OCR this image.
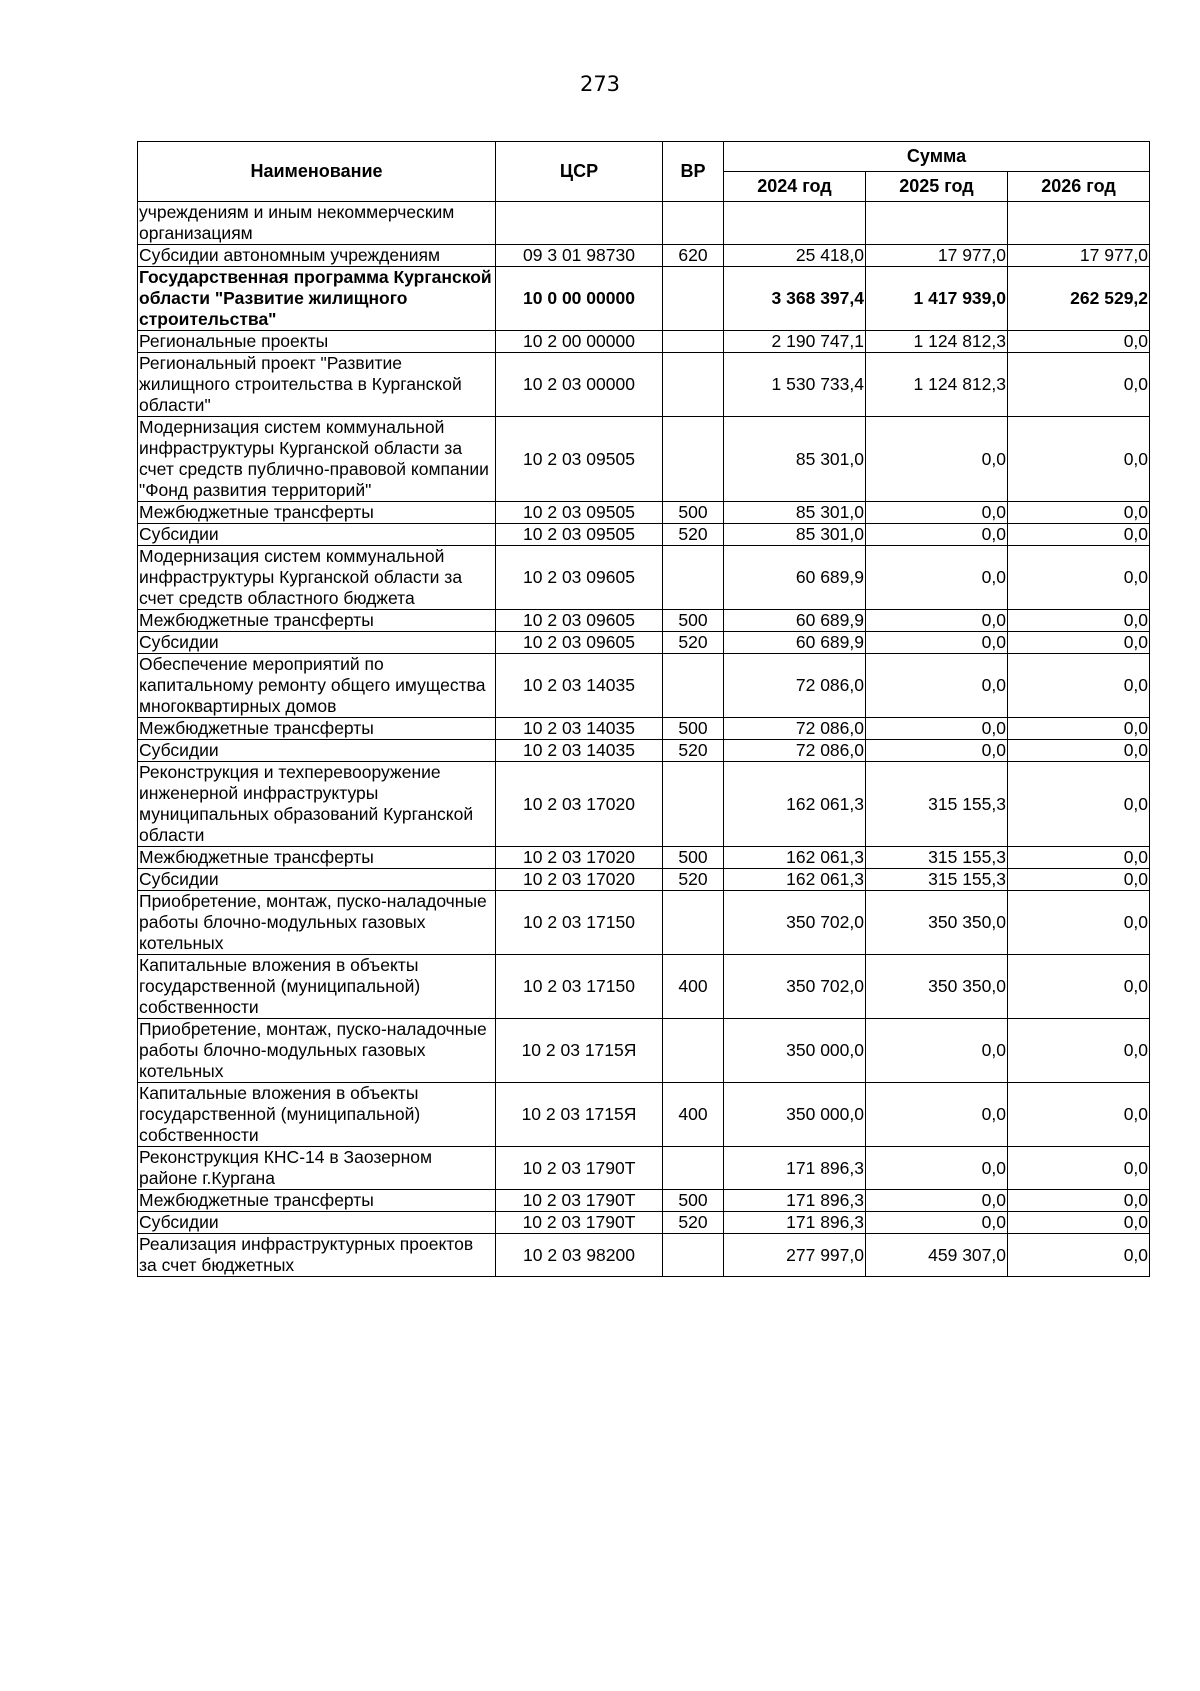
273
Наименование	ЦСР	ВР	Сумма		
			2024 год	2025 год	2026 год
учреждениям и иным некоммерческим организациям					
Субсидии автономным учреждениям	09 3 01 98730	620	25 418,0	17 977,0	17 977,0
Государственная программа Курганской области "Развитие жилищного строительства"	10 0 00 00000		3 368 397,4	1 417 939,0	262 529,2
Региональные проекты	10 2 00 00000		2 190 747,1	1 124 812,3	0,0
Региональный проект "Развитие жилищного строительства в Курганской области"	10 2 03 00000		1 530 733,4	1 124 812,3	0,0
Модернизация систем коммунальной инфраструктуры Курганской области за счет средств публично-правовой компании "Фонд развития территорий"	10 2 03 09505		85 301,0	0,0	0,0
Межбюджетные трансферты	10 2 03 09505	500	85 301,0	0,0	0,0
Субсидии	10 2 03 09505	520	85 301,0	0,0	0,0
Модернизация систем коммунальной инфраструктуры Курганской области за счет средств областного бюджета	10 2 03 09605		60 689,9	0,0	0,0
Межбюджетные трансферты	10 2 03 09605	500	60 689,9	0,0	0,0
Субсидии	10 2 03 09605	520	60 689,9	0,0	0,0
Обеспечение мероприятий по капитальному ремонту общего имущества многоквартирных домов	10 2 03 14035		72 086,0	0,0	0,0
Межбюджетные трансферты	10 2 03 14035	500	72 086,0	0,0	0,0
Субсидии	10 2 03 14035	520	72 086,0	0,0	0,0
Реконструкция и техперевооружение инженерной инфраструктуры муниципальных образований Курганской области	10 2 03 17020		162 061,3	315 155,3	0,0
Межбюджетные трансферты	10 2 03 17020	500	162 061,3	315 155,3	0,0
Субсидии	10 2 03 17020	520	162 061,3	315 155,3	0,0
Приобретение, монтаж, пуско-наладочные работы блочно-модульных газовых котельных	10 2 03 17150		350 702,0	350 350,0	0,0
Капитальные вложения в объекты государственной (муниципальной) собственности	10 2 03 17150	400	350 702,0	350 350,0	0,0
Приобретение, монтаж, пуско-наладочные работы блочно-модульных газовых котельных	10 2 03 1715Я		350 000,0	0,0	0,0
Капитальные вложения в объекты государственной (муниципальной) собственности	10 2 03 1715Я	400	350 000,0	0,0	0,0
Реконструкция КНС-14 в Заозерном районе г.Кургана	10 2 03 1790Т		171 896,3	0,0	0,0
Межбюджетные трансферты	10 2 03 1790Т	500	171 896,3	0,0	0,0
Субсидии	10 2 03 1790Т	520	171 896,3	0,0	0,0
Реализация инфраструктурных проектов за счет бюджетных	10 2 03 98200		277 997,0	459 307,0	0,0
